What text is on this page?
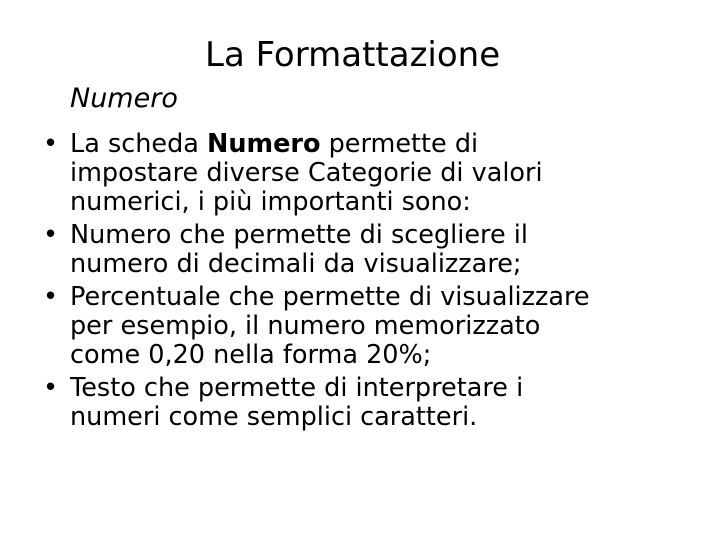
La Formattazione

Numero

• La scheda Numero permette di
impostare diverse Categorie di valori
numerici, i più importanti sono:
• Numero che permette di scegliere il
numero di decimali da visualizzare;
• Percentuale che permette di visualizzare
per esempio, il numero memorizzato
come 0,20 nella forma 20%;
• Testo che permette di interpretare i
numeri come semplici caratteri.
